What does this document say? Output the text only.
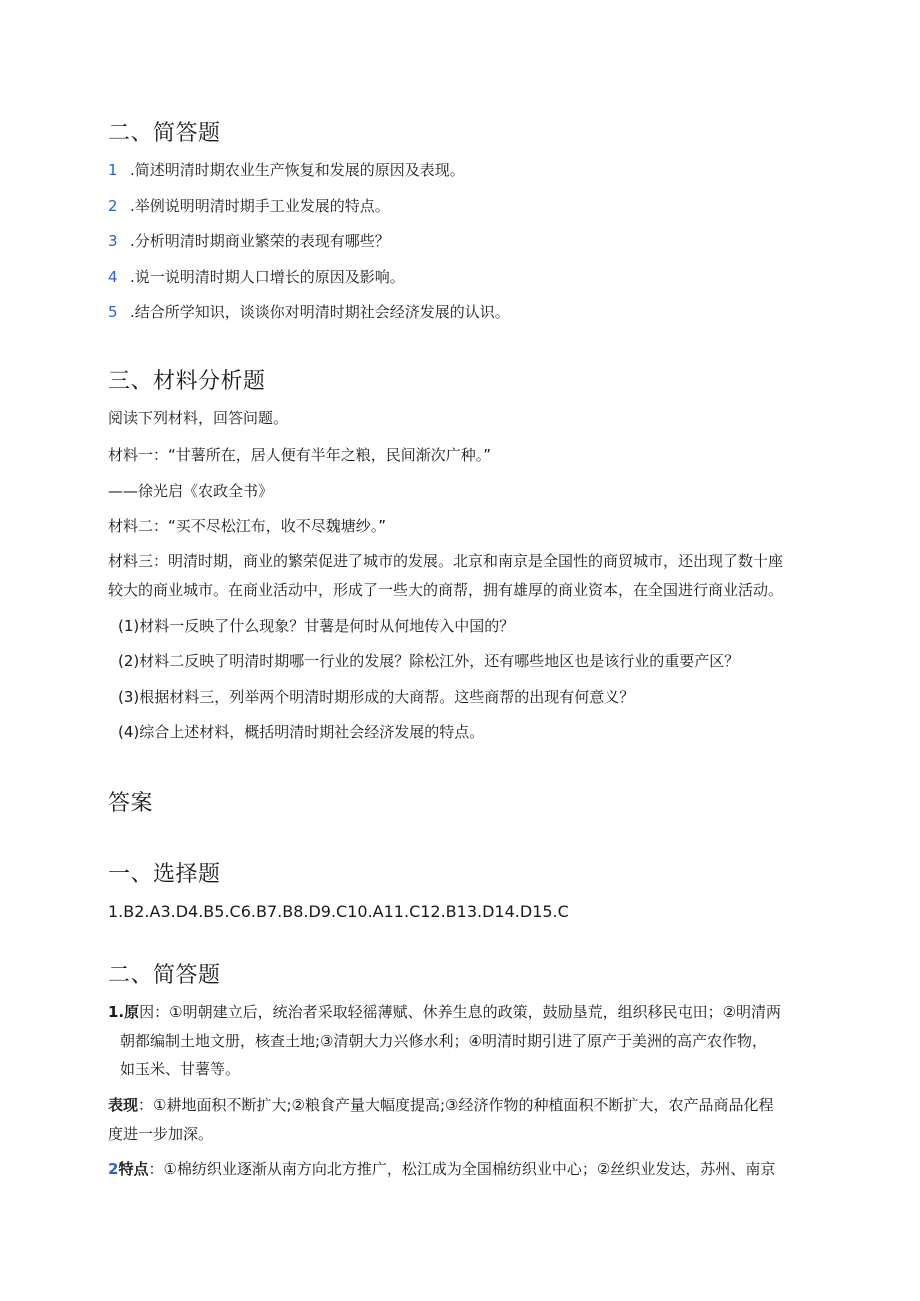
二、简答题
1 .简述明清时期农业生产恢复和发展的原因及表现。
2 .举例说明明清时期手工业发展的特点。
3 .分析明清时期商业繁荣的表现有哪些？
4 .说一说明清时期人口增长的原因及影响。
5 .结合所学知识，谈谈你对明清时期社会经济发展的认识。
三、材料分析题
阅读下列材料，回答问题。
材料一：“甘薯所在，居人便有半年之粮，民间渐次广种。”
——徐光启《农政全书》
材料二：“买不尽松江布，收不尽魏塘纱。”
材料三：明清时期，商业的繁荣促进了城市的发展。北京和南京是全国性的商贸城市，还出现了数十座
较大的商业城市。在商业活动中，形成了一些大的商帮，拥有雄厚的商业资本，在全国进行商业活动。
(1)材料一反映了什么现象？甘薯是何时从何地传入中国的？
(2)材料二反映了明清时期哪一行业的发展？除松江外，还有哪些地区也是该行业的重要产区？
(3)根据材料三，列举两个明清时期形成的大商帮。这些商帮的出现有何意义？
(4)综合上述材料，概括明清时期社会经济发展的特点。
答案
一、选择题
1.B2.A3.D4.B5.C6.B7.B8.D9.C10.A11.C12.B13.D14.D15.C
二、简答题
1.原因：①明朝建立后，统治者采取轻徭薄赋、休养生息的政策，鼓励垦荒，组织移民屯田；②明清两
朝都编制土地文册，核查土地;③清朝大力兴修水利；④明清时期引进了原产于美洲的高产农作物，
如玉米、甘薯等。
表现：①耕地面积不断扩大;②粮食产量大幅度提高;③经济作物的种植面积不断扩大，农产品商品化程
度进一步加深。
2特点：①棉纺织业逐渐从南方向北方推广，松江成为全国棉纺织业中心；②丝织业发达，苏州、南京
